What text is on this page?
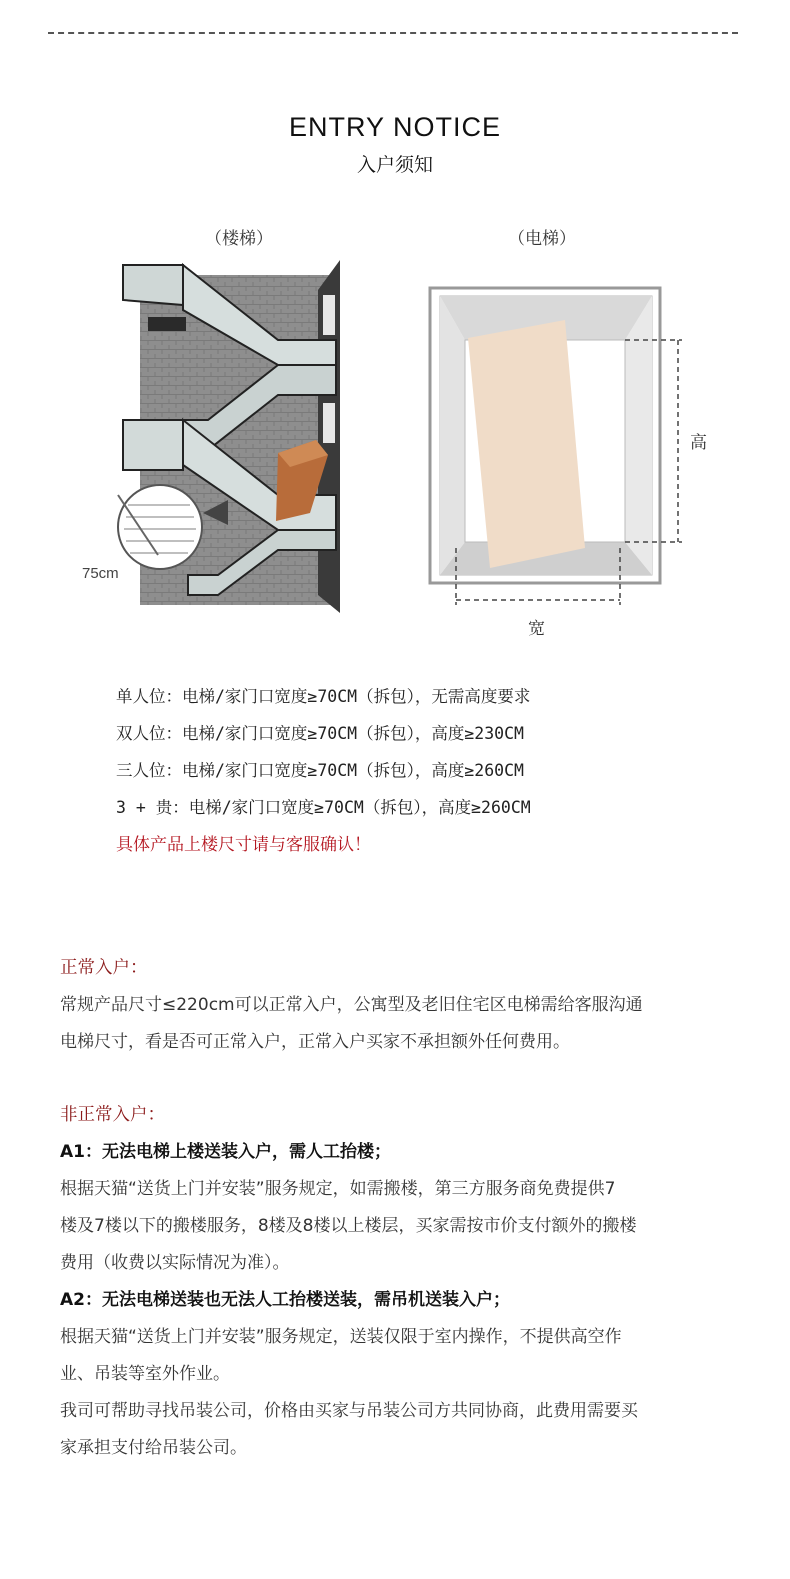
ENTRY NOTICE
入户须知
（楼梯）	（电梯）
75cm
高
宽
单人位：电梯/家门口宽度≥70CM（拆包），无需高度要求
双人位：电梯/家门口宽度≥70CM（拆包），高度≥230CM
三人位：电梯/家门口宽度≥70CM（拆包），高度≥260CM
3 + 贵：电梯/家门口宽度≥70CM（拆包），高度≥260CM
具体产品上楼尺寸请与客服确认！

正常入户：

常规产品尺寸≤220cm可以正常入户，公寓型及老旧住宅区电梯需给客服沟通

电梯尺寸，看是否可正常入户，正常入户买家不承担额外任何费用。

非正常入户：

A1：无法电梯上楼送装入户，需人工抬楼；

根据天猫“送货上门并安装”服务规定，如需搬楼，第三方服务商免费提供7

楼及7楼以下的搬楼服务，8楼及8楼以上楼层，买家需按市价支付额外的搬楼

费用（收费以实际情况为准）。

A2：无法电梯送装也无法人工抬楼送装，需吊机送装入户；

根据天猫“送货上门并安装”服务规定，送装仅限于室内操作，不提供高空作

业、吊装等室外作业。

我司可帮助寻找吊装公司，价格由买家与吊装公司方共同协商，此费用需要买

家承担支付给吊装公司。
